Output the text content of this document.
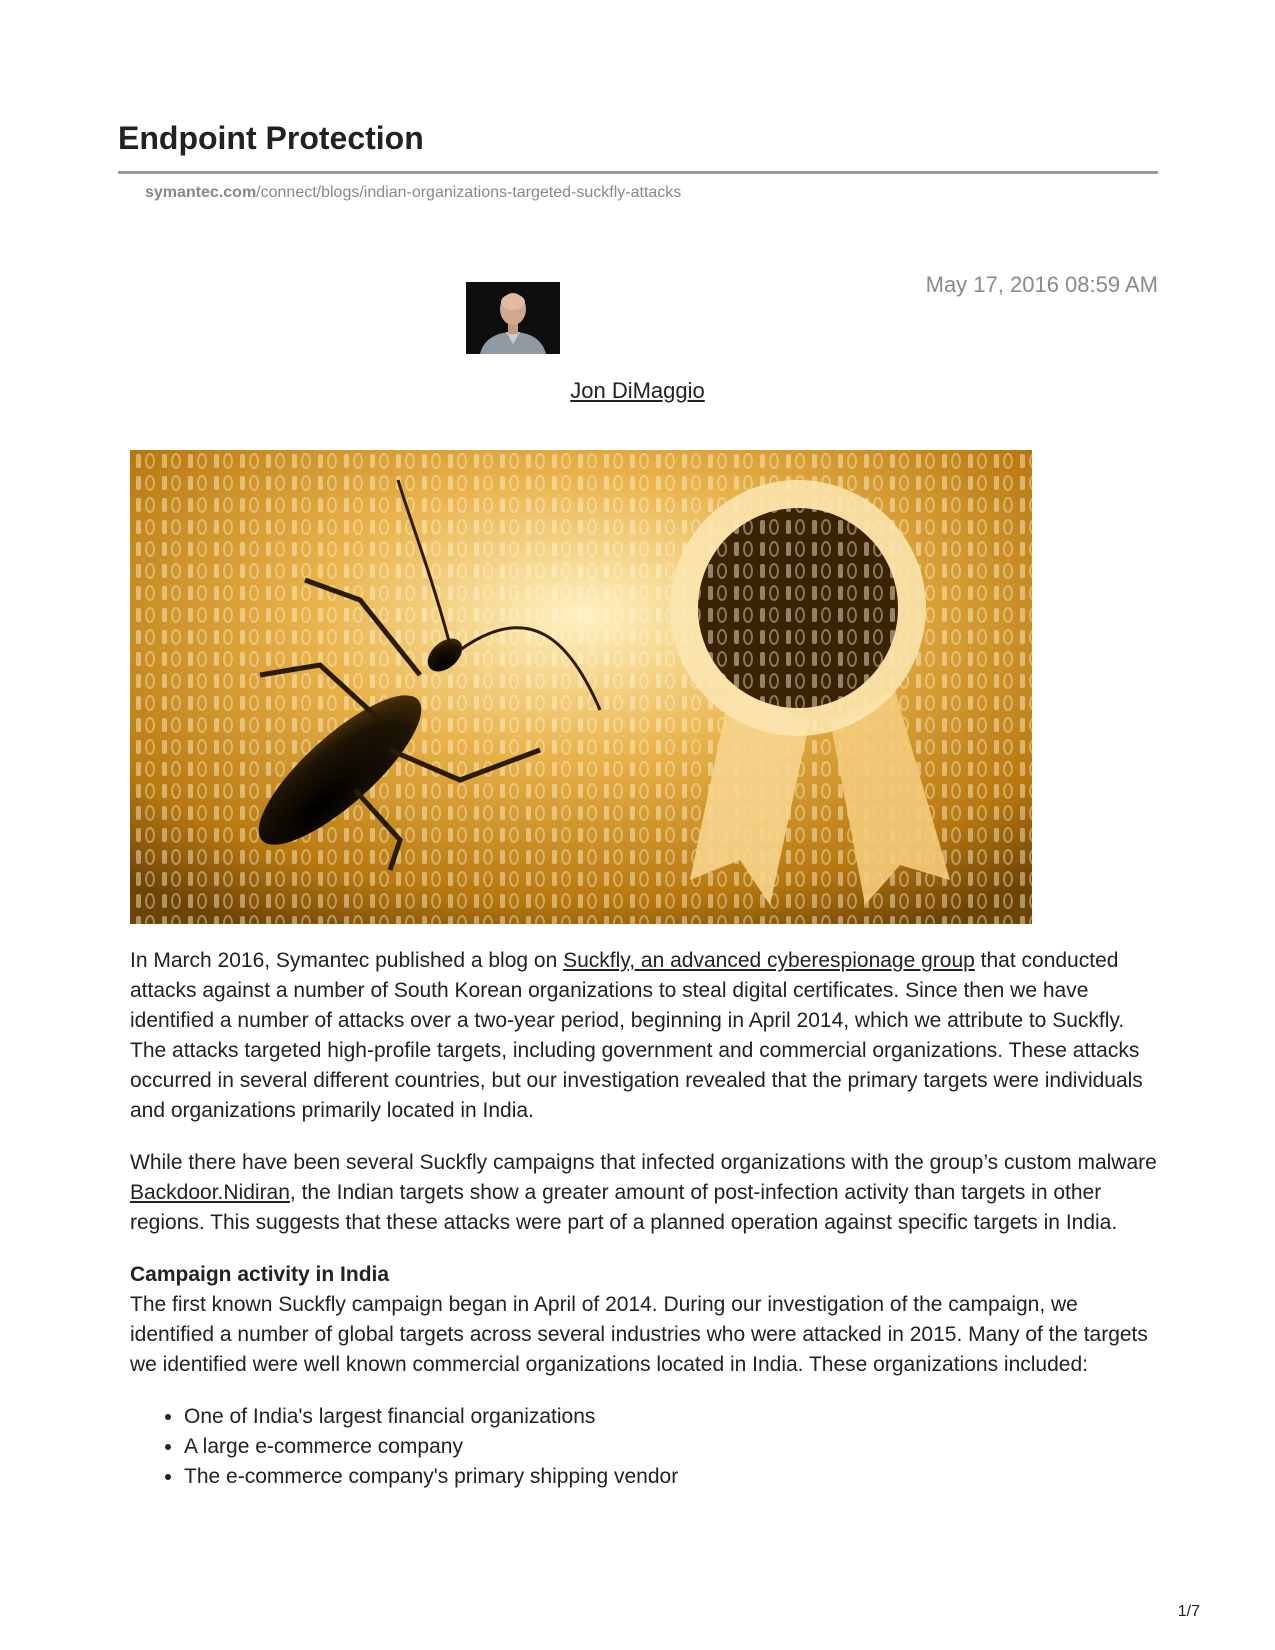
Endpoint Protection
symantec.com/connect/blogs/indian-organizations-targeted-suckfly-attacks
May 17, 2016 08:59 AM
Jon DiMaggio

In March 2016, Symantec published a blog on Suckfly, an advanced cyberespionage group that conducted attacks against a number of South Korean organizations to steal digital certificates. Since then we have identified a number of attacks over a two-year period, beginning in April 2014, which we attribute to Suckfly. The attacks targeted high-profile targets, including government and commercial organizations. These attacks occurred in several different countries, but our investigation revealed that the primary targets were individuals and organizations primarily located in India.

While there have been several Suckfly campaigns that infected organizations with the group’s custom malware Backdoor.Nidiran, the Indian targets show a greater amount of post-infection activity than targets in other regions. This suggests that these attacks were part of a planned operation against specific targets in India.

Campaign activity in India
The first known Suckfly campaign began in April of 2014. During our investigation of the campaign, we identified a number of global targets across several industries who were attacked in 2015. Many of the targets we identified were well known commercial organizations located in India. These organizations included:

• One of India's largest financial organizations
• A large e-commerce company
• The e-commerce company's primary shipping vendor
1/7
